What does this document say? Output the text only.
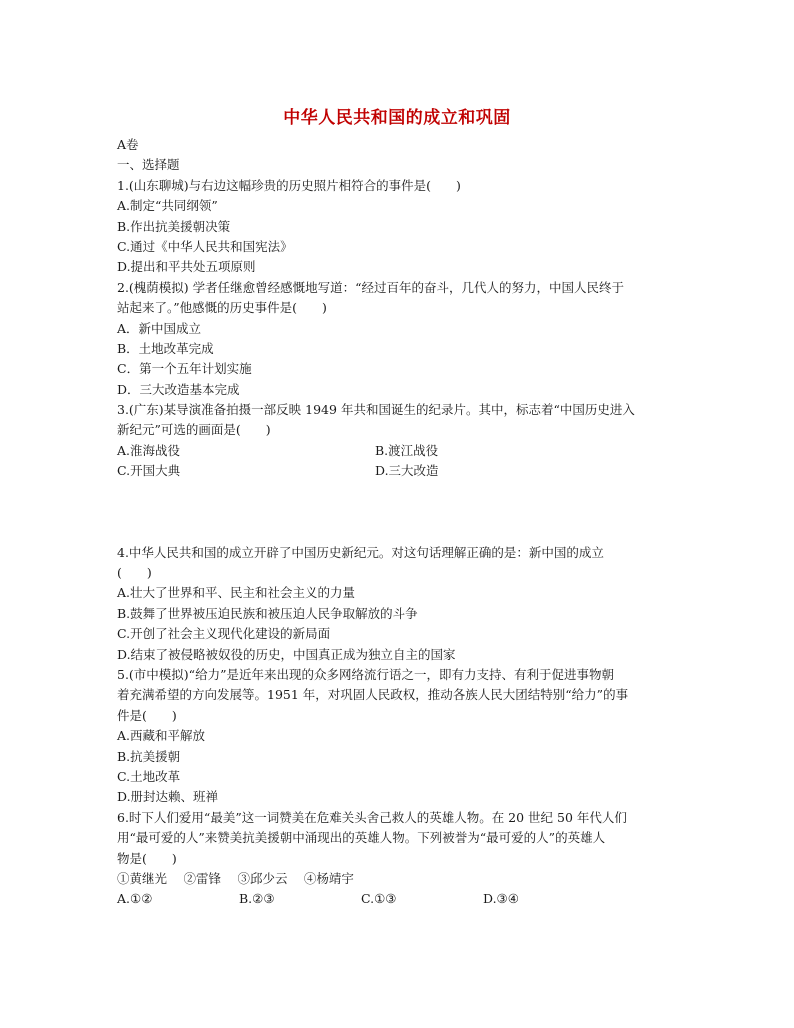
中华人民共和国的成立和巩固
A卷
一、选择题
1.(山东聊城)与右边这幅珍贵的历史照片相符合的事件是(　　)
A.制定“共同纲领”
B.作出抗美援朝决策
C.通过《中华人民共和国宪法》
D.提出和平共处五项原则
2.(槐荫模拟) 学者任继愈曾经感慨地写道：“经过百年的奋斗，几代人的努力，中国人民终于
站起来了。”他感慨的历史事件是(　　)
A．新中国成立
B．土地改革完成
C．第一个五年计划实施
D．三大改造基本完成
3.(广东)某导演准备拍摄一部反映 1949 年共和国诞生的纪录片。其中，标志着“中国历史进入
新纪元”可选的画面是(　　)
A.淮海战役	B.渡江战役
C.开国大典	D.三大改造
4.中华人民共和国的成立开辟了中国历史新纪元。对这句话理解正确的是：新中国的成立
(　　)
A.壮大了世界和平、民主和社会主义的力量
B.鼓舞了世界被压迫民族和被压迫人民争取解放的斗争
C.开创了社会主义现代化建设的新局面
D.结束了被侵略被奴役的历史，中国真正成为独立自主的国家
5.(市中模拟)“给力”是近年来出现的众多网络流行语之一，即有力支持、有利于促进事物朝
着充满希望的方向发展等。1951 年，对巩固人民政权，推动各族人民大团结特别“给力”的事
件是(　　)
A.西藏和平解放
B.抗美援朝
C.土地改革
D.册封达赖、班禅
6.时下人们爱用“最美”这一词赞美在危难关头舍己救人的英雄人物。在 20 世纪 50 年代人们
用“最可爱的人”来赞美抗美援朝中涌现出的英雄人物。下列被誉为“最可爱的人”的英雄人
物是(　　)
①黄继光　 ②雷锋　 ③邱少云　 ④杨靖宇
A.①②	B.②③	C.①③	D.③④
